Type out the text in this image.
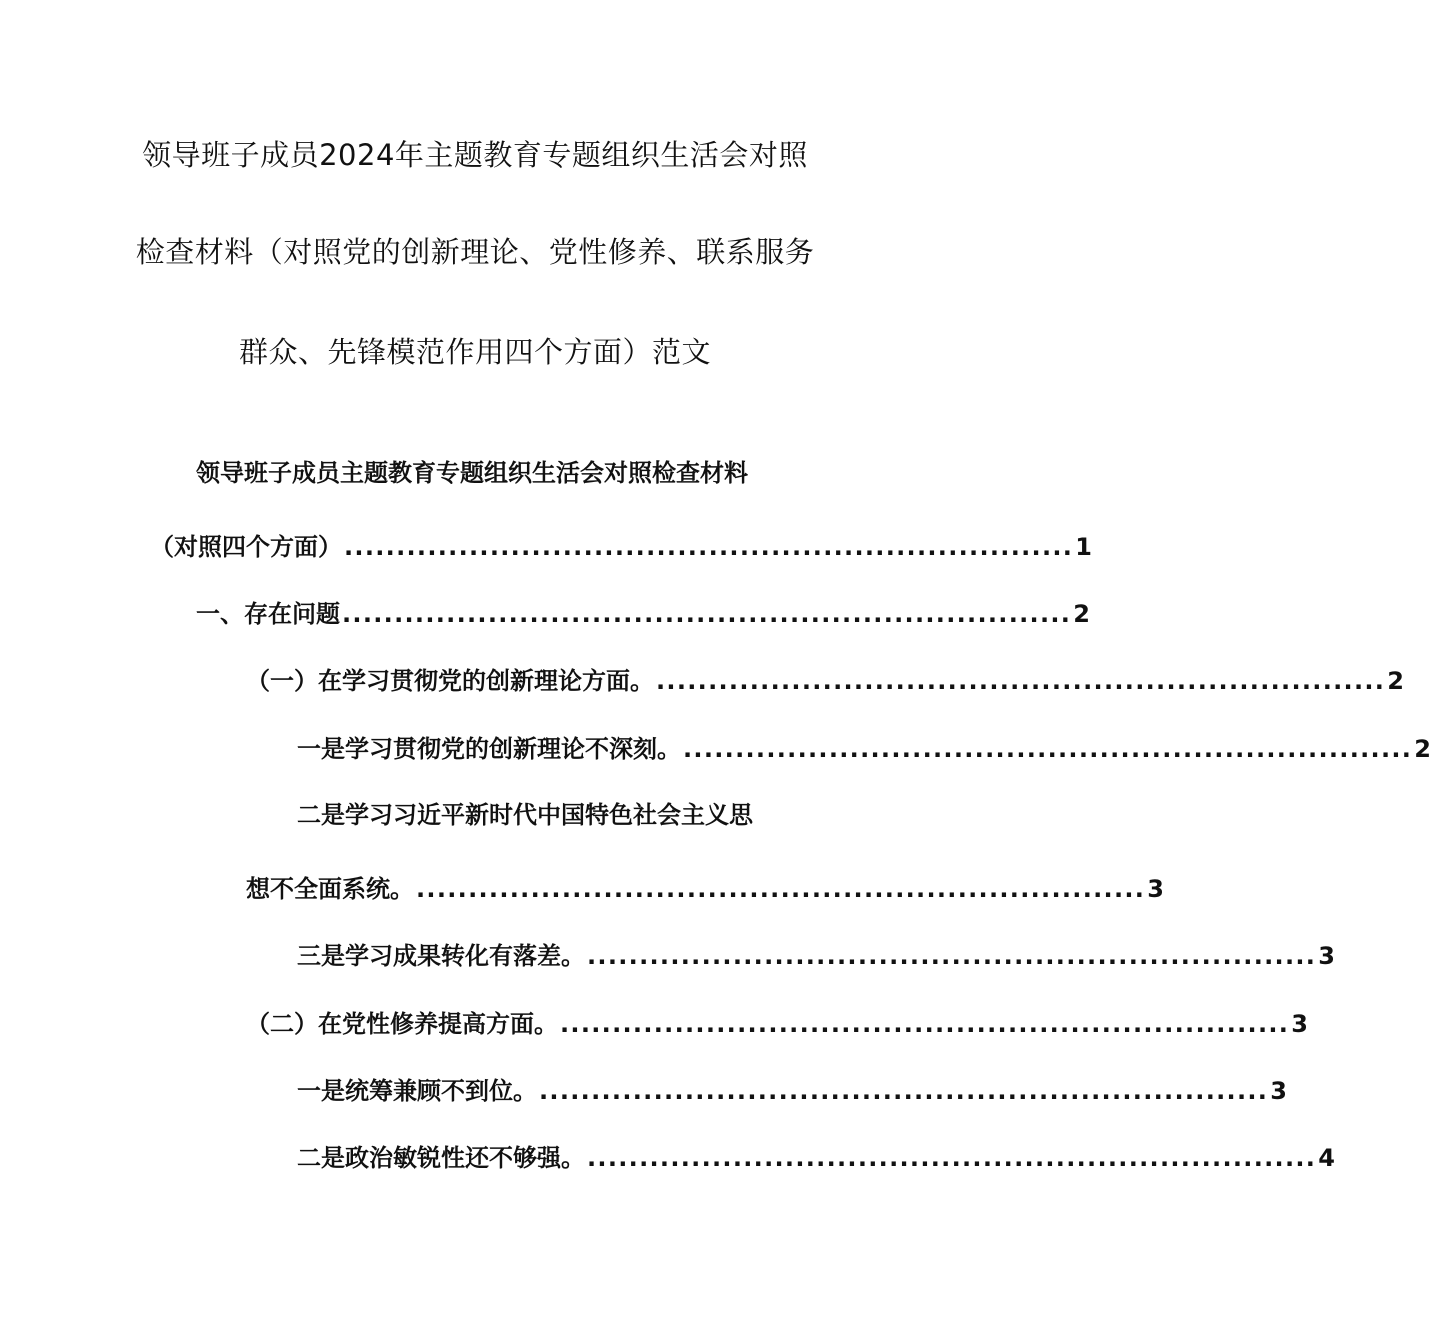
领导班子成员2024年主题教育专题组织生活会对照
检查材料（对照党的创新理论、党性修养、联系服务
群众、先锋模范作用四个方面）范文
领导班子成员主题教育专题组织生活会对照检查材料
（对照四个方面） ...................................................................... 1
一、存在问题 ...................................................................... 2
（一）在学习贯彻党的创新理论方面。 ...................................................................... 2
一是学习贯彻党的创新理论不深刻。 ...................................................................... 2
二是学习习近平新时代中国特色社会主义思
想不全面系统。 ...................................................................... 3
三是学习成果转化有落差。 ...................................................................... 3
（二）在党性修养提高方面。 ...................................................................... 3
一是统筹兼顾不到位。 ...................................................................... 3
二是政治敏锐性还不够强。 ...................................................................... 4
